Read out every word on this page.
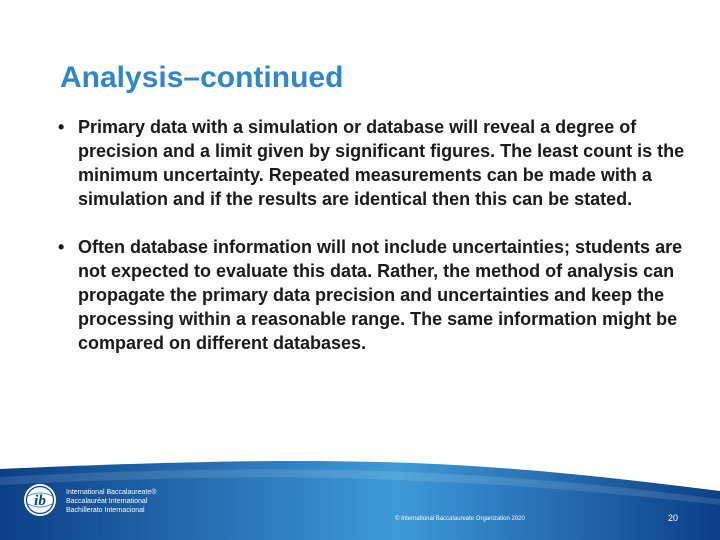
Analysis–continued
• Primary data with a simulation or database will reveal a degree of precision and a limit given by significant figures. The least count is the minimum uncertainty. Repeated measurements can be made with a simulation and if the results are identical then this can be stated.
• Often database information will not include uncertainties; students are not expected to evaluate this data. Rather, the method of analysis can propagate the primary data precision and uncertainties and keep the processing within a reasonable range. The same information might be compared on different databases.
ib
International Baccalaureate®
Baccalauréat International
Bachillerato Internacional
© International Baccalaureate Organization 2020	20
